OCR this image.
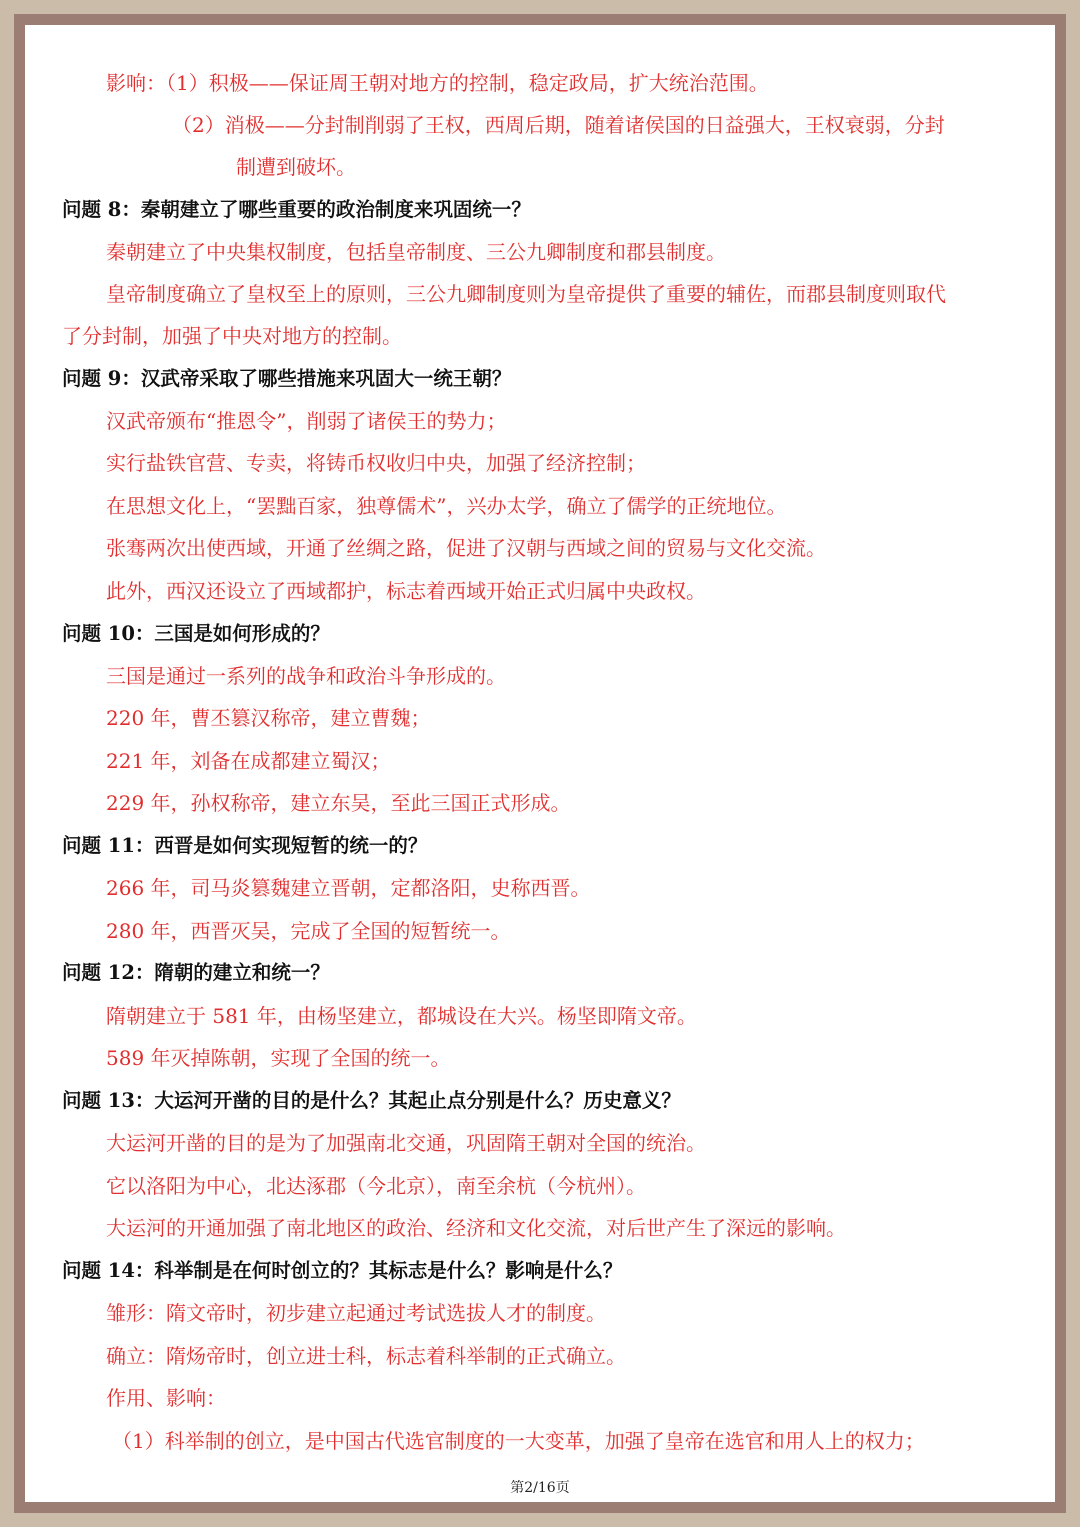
影响：（1）积极——保证周王朝对地方的控制，稳定政局，扩大统治范围。
（2）消极——分封制削弱了王权，西周后期，随着诸侯国的日益强大，王权衰弱，分封
制遭到破坏。
问题 8：秦朝建立了哪些重要的政治制度来巩固统一？
秦朝建立了中央集权制度，包括皇帝制度、三公九卿制度和郡县制度。
皇帝制度确立了皇权至上的原则，三公九卿制度则为皇帝提供了重要的辅佐，而郡县制度则取代
了分封制，加强了中央对地方的控制。
问题 9：汉武帝采取了哪些措施来巩固大一统王朝？
汉武帝颁布“推恩令”，削弱了诸侯王的势力；
实行盐铁官营、专卖，将铸币权收归中央，加强了经济控制；
在思想文化上，“罢黜百家，独尊儒术”，兴办太学，确立了儒学的正统地位。
张骞两次出使西域，开通了丝绸之路，促进了汉朝与西域之间的贸易与文化交流。
此外，西汉还设立了西域都护，标志着西域开始正式归属中央政权。
问题 10：三国是如何形成的？
三国是通过一系列的战争和政治斗争形成的。
220 年，曹丕篡汉称帝，建立曹魏；
221 年，刘备在成都建立蜀汉；
229 年，孙权称帝，建立东吴，至此三国正式形成。
问题 11：西晋是如何实现短暂的统一的？
266 年，司马炎篡魏建立晋朝，定都洛阳，史称西晋。
280 年，西晋灭吴，完成了全国的短暂统一。
问题 12：隋朝的建立和统一？
隋朝建立于 581 年，由杨坚建立，都城设在大兴。杨坚即隋文帝。
589 年灭掉陈朝，实现了全国的统一。
问题 13：大运河开凿的目的是什么？其起止点分别是什么？历史意义？
大运河开凿的目的是为了加强南北交通，巩固隋王朝对全国的统治。
它以洛阳为中心，北达涿郡（今北京），南至余杭（今杭州）。
大运河的开通加强了南北地区的政治、经济和文化交流，对后世产生了深远的影响。
问题 14：科举制是在何时创立的？其标志是什么？影响是什么？
雏形：隋文帝时，初步建立起通过考试选拔人才的制度。
确立：隋炀帝时，创立进士科，标志着科举制的正式确立。
作用、影响：
（1）科举制的创立，是中国古代选官制度的一大变革，加强了皇帝在选官和用人上的权力；
第2/16页
